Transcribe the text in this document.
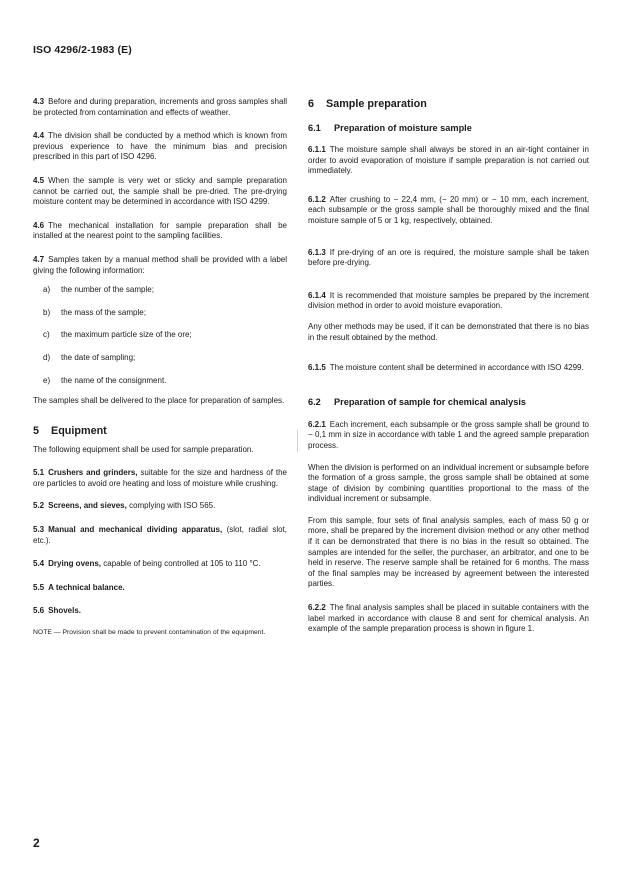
ISO 4296/2-1983 (E)

4.3 Before and during preparation, increments and gross samples shall be protected from contamination and effects of weather.

4.4 The division shall be conducted by a method which is known from previous experience to have the minimum bias and precision prescribed in this part of ISO 4296.

4.5 When the sample is very wet or sticky and sample preparation cannot be carried out, the sample shall be pre-dried. The pre-drying moisture content may be determined in accordance with ISO 4299.

4.6 The mechanical installation for sample preparation shall be installed at the nearest point to the sampling facilities.

4.7 Samples taken by a manual method shall be provided with a label giving the following information:

a) the number of the sample;
b) the mass of the sample;
c) the maximum particle size of the ore;
d) the date of sampling;
e) the name of the consignment.

The samples shall be delivered to the place for preparation of samples.

5 Equipment

The following equipment shall be used for sample preparation.

5.1 Crushers and grinders, suitable for the size and hardness of the ore particles to avoid ore heating and loss of moisture while crushing.

5.2 Screens, and sieves, complying with ISO 565.

5.3 Manual and mechanical dividing apparatus, (slot, radial slot, etc.).

5.4 Drying ovens, capable of being controlled at 105 to 110 °C.

5.5 A technical balance.

5.6 Shovels.

NOTE — Provision shall be made to prevent contamination of the equipment.

6 Sample preparation
6.1 Preparation of moisture sample

6.1.1 The moisture sample shall always be stored in an air-tight container in order to avoid evaporation of moisture if sample preparation is not carried out immediately.

6.1.2 After crushing to − 22,4 mm, (− 20 mm) or − 10 mm, each increment, each subsample or the gross sample shall be thoroughly mixed and the final moisture sample of 5 or 1 kg, respectively, obtained.

6.1.3 If pre-drying of an ore is required, the moisture sample shall be taken before pre-drying.

6.1.4 It is recommended that moisture samples be prepared by the increment division method in order to avoid moisture evaporation.

Any other methods may be used, if it can be demonstrated that there is no bias in the result obtained by the method.

6.1.5 The moisture content shall be determined in accordance with ISO 4299.

6.2 Preparation of sample for chemical analysis

6.2.1 Each increment, each subsample or the gross sample shall be ground to − 0,1 mm in size in accordance with table 1 and the agreed sample preparation process.

When the division is performed on an individual increment or subsample before the formation of a gross sample, the gross sample shall be obtained at some stage of division by combining quantities proportional to the mass of the individual increment or subsample.

From this sample, four sets of final analysis samples, each of mass 50 g or more, shall be prepared by the increment division method or any other method if it can be demonstrated that there is no bias in the result so obtained. The samples are intended for the seller, the purchaser, an arbitrator, and one to be held in reserve. The reserve sample shall be retained for 6 months. The mass of the final samples may be increased by agreement between the interested parties.

6.2.2 The final analysis samples shall be placed in suitable containers with the label marked in accordance with clause 8 and sent for chemical analysis. An example of the sample preparation process is shown in figure 1.

2
